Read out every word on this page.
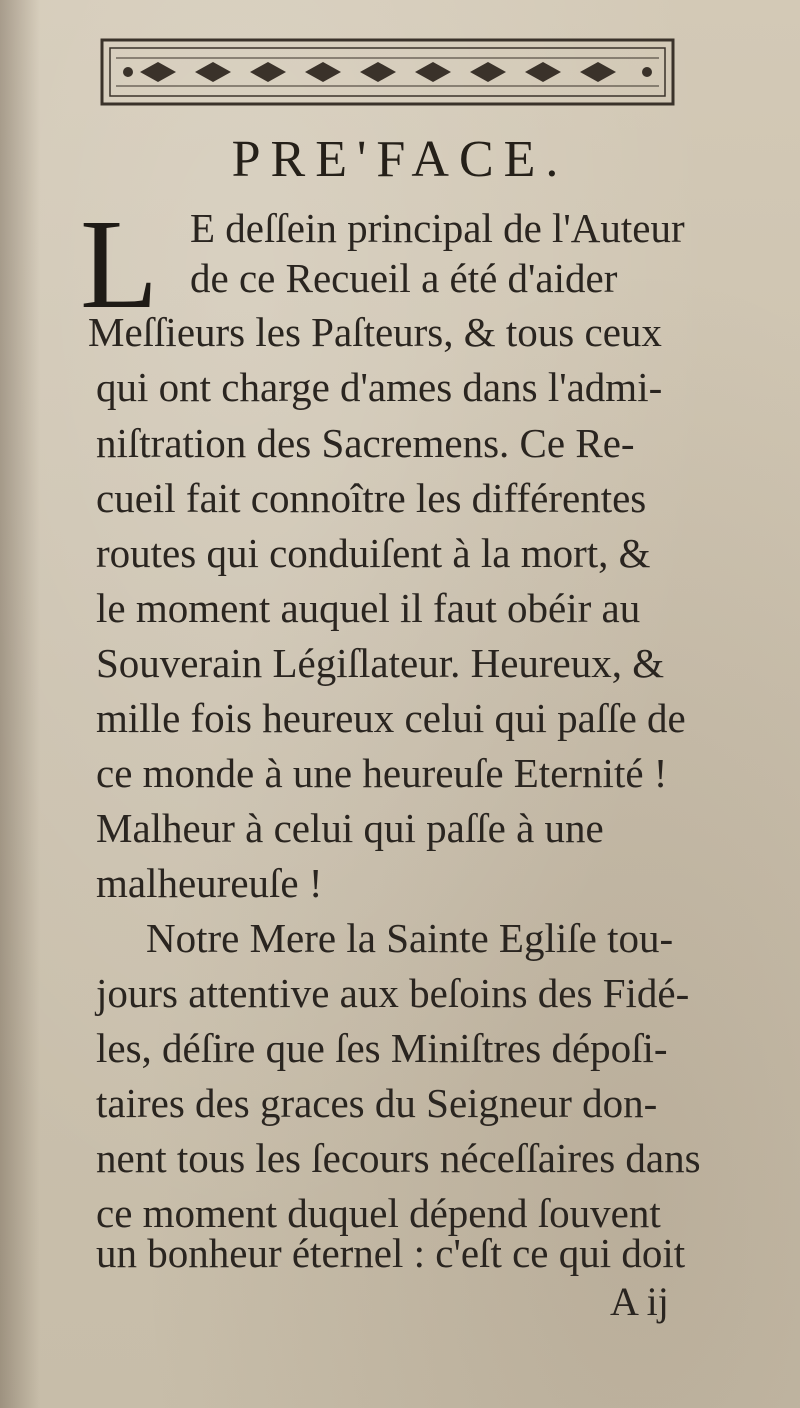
PRE'FACE.
L E deſſein principal de l'Auteur
de ce Recueil a été d'aider
Meſſieurs les Paſteurs, & tous ceux
qui ont charge d'ames dans l'admi-
niſtration des Sacremens. Ce Re-
cueil fait connoître les différentes
routes qui conduiſent à la mort, &
le moment auquel il faut obéir au
Souverain Légiſlateur. Heureux, &
mille fois heureux celui qui paſſe de
ce monde à une heureuſe Eternité !
Malheur à celui qui paſſe à une
malheureuſe !
Notre Mere la Sainte Egliſe tou-
jours attentive aux beſoins des Fidé-
les, déſire que ſes Miniſtres dépoſi-
taires des graces du Seigneur don-
nent tous les ſecours néceſſaires dans
ce moment duquel dépend ſouvent
un bonheur éternel : c'eſt ce qui doit
A ij
